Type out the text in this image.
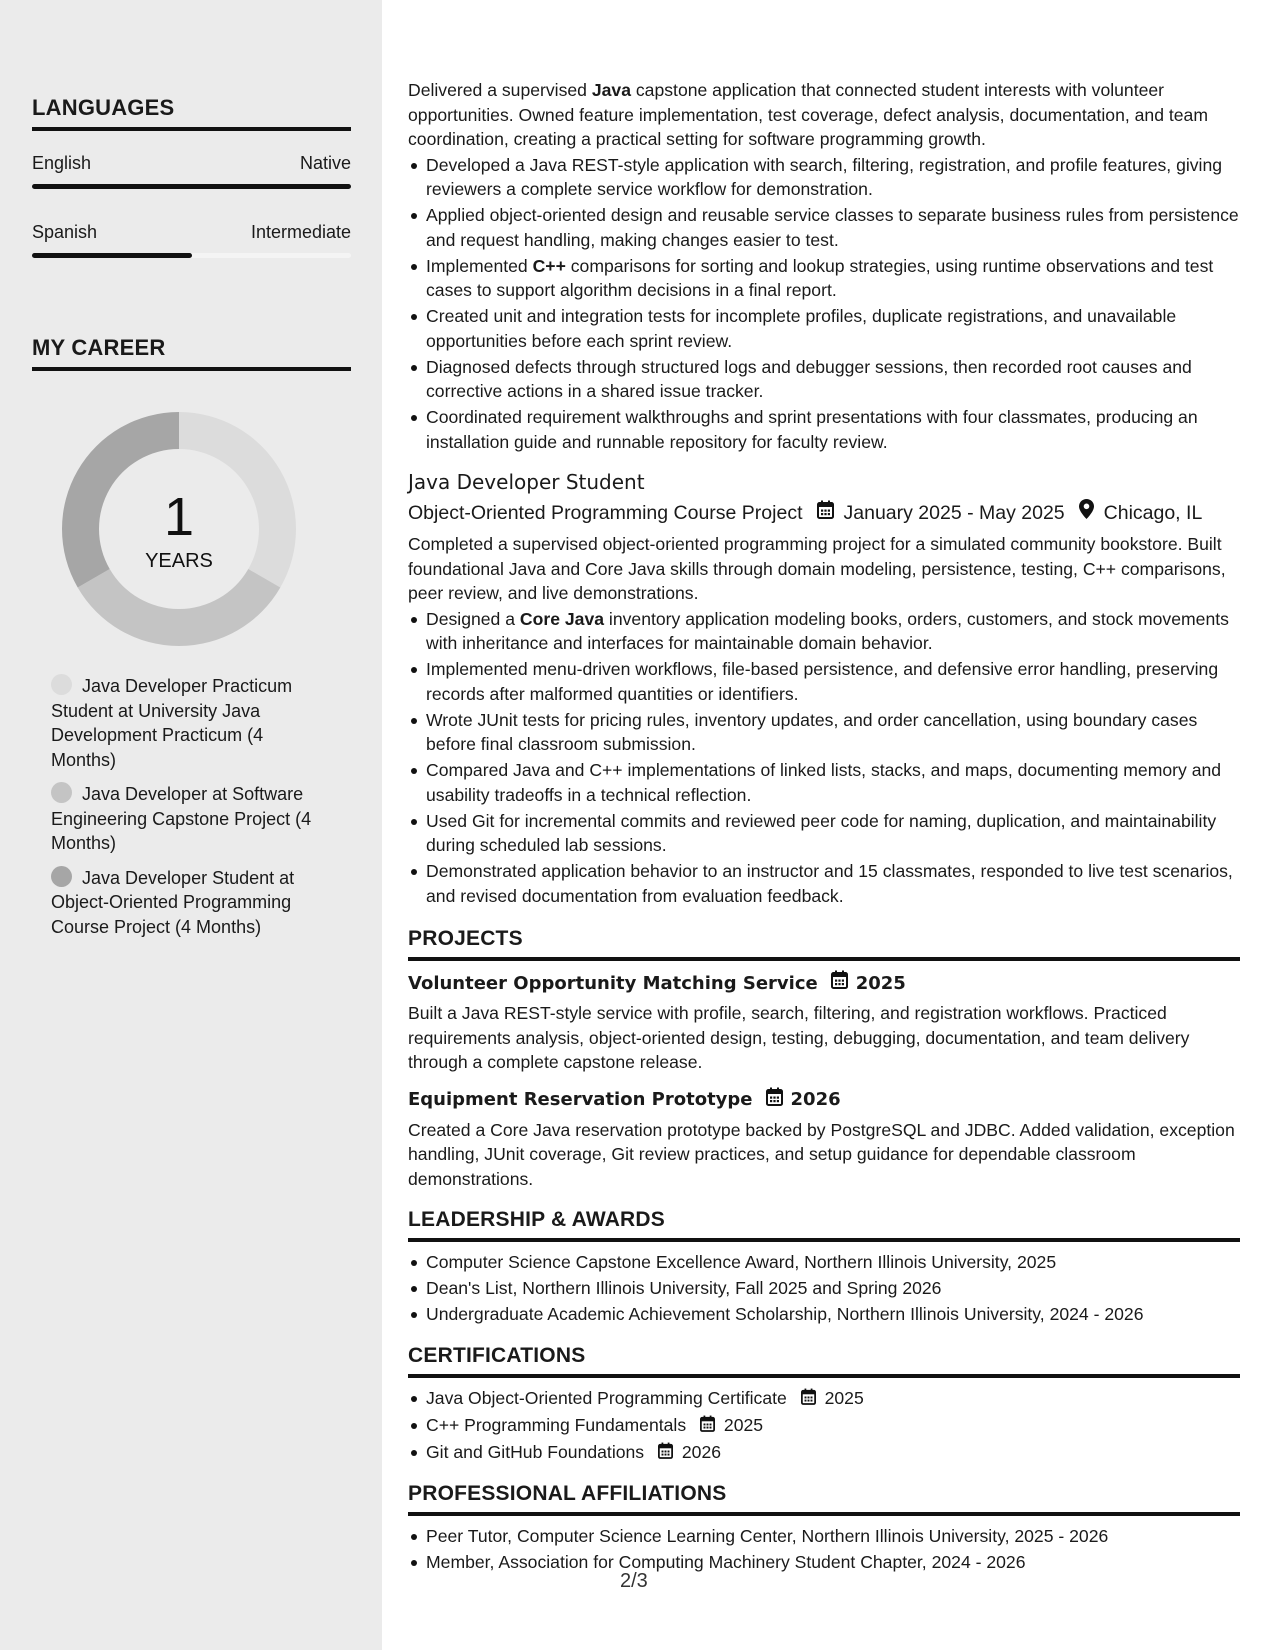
LANGUAGES
English	Native
Spanish	Intermediate
MY CAREER
1
YEARS
Java Developer Practicum Student at University Java Development Practicum (4 Months)
Java Developer at Software Engineering Capstone Project (4 Months)
Java Developer Student at Object-Oriented Programming Course Project (4 Months)

Delivered a supervised Java capstone application that connected student interests with volunteer opportunities. Owned feature implementation, test coverage, defect analysis, documentation, and team coordination, creating a practical setting for software programming growth.

Developed a Java REST-style application with search, filtering, registration, and profile features, giving reviewers a complete service workflow for demonstration.
Applied object-oriented design and reusable service classes to separate business rules from persistence and request handling, making changes easier to test.
Implemented C++ comparisons for sorting and lookup strategies, using runtime observations and test cases to support algorithm decisions in a final report.
Created unit and integration tests for incomplete profiles, duplicate registrations, and unavailable opportunities before each sprint review.
Diagnosed defects through structured logs and debugger sessions, then recorded root causes and corrective actions in a shared issue tracker.
Coordinated requirement walkthroughs and sprint presentations with four classmates, producing an installation guide and runnable repository for faculty review.
Java Developer Student
Object-Oriented Programming Course Project January 2025 - May 2025 Chicago, IL

Completed a supervised object-oriented programming project for a simulated community bookstore. Built foundational Java and Core Java skills through domain modeling, persistence, testing, C++ comparisons, peer review, and live demonstrations.

Designed a Core Java inventory application modeling books, orders, customers, and stock movements with inheritance and interfaces for maintainable domain behavior.
Implemented menu-driven workflows, file-based persistence, and defensive error handling, preserving records after malformed quantities or identifiers.
Wrote JUnit tests for pricing rules, inventory updates, and order cancellation, using boundary cases before final classroom submission.
Compared Java and C++ implementations of linked lists, stacks, and maps, documenting memory and usability tradeoffs in a technical reflection.
Used Git for incremental commits and reviewed peer code for naming, duplication, and maintainability during scheduled lab sessions.
Demonstrated application behavior to an instructor and 15 classmates, responded to live test scenarios, and revised documentation from evaluation feedback.
PROJECTS
Volunteer Opportunity Matching Service 2025

Built a Java REST-style service with profile, search, filtering, and registration workflows. Practiced requirements analysis, object-oriented design, testing, debugging, documentation, and team delivery through a complete capstone release.

Equipment Reservation Prototype 2026

Created a Core Java reservation prototype backed by PostgreSQL and JDBC. Added validation, exception handling, JUnit coverage, Git review practices, and setup guidance for dependable classroom demonstrations.

LEADERSHIP & AWARDS
Computer Science Capstone Excellence Award, Northern Illinois University, 2025
Dean's List, Northern Illinois University, Fall 2025 and Spring 2026
Undergraduate Academic Achievement Scholarship, Northern Illinois University, 2024 - 2026
CERTIFICATIONS
Java Object-Oriented Programming Certificate 2025
C++ Programming Fundamentals 2025
Git and GitHub Foundations 2026
PROFESSIONAL AFFILIATIONS
Peer Tutor, Computer Science Learning Center, Northern Illinois University, 2025 - 2026
Member, Association for Computing Machinery Student Chapter, 2024 - 2026
2/3
